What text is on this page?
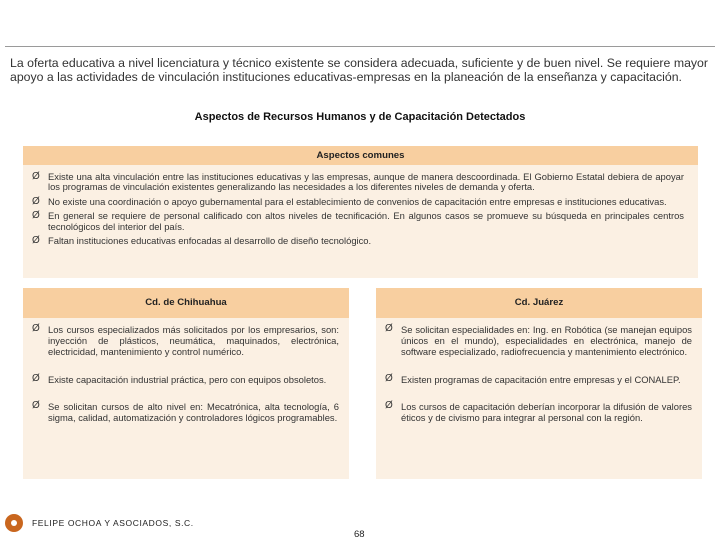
La oferta educativa a nivel licenciatura y técnico existente se considera adecuada, suficiente y de buen nivel. Se requiere mayor apoyo a las actividades de vinculación instituciones educativas-empresas en la planeación de la enseñanza y capacitación.

Aspectos de Recursos Humanos y de Capacitación Detectados
Aspectos comunes
Ø Existe una alta vinculación entre las instituciones educativas y las empresas, aunque de manera descoordinada. El Gobierno Estatal debiera de apoyar los programas de vinculación existentes generalizando las necesidades a los diferentes niveles de demanda y oferta.
Ø No existe una coordinación o apoyo gubernamental para el establecimiento de convenios de capacitación entre empresas e instituciones educativas.
Ø En general se requiere de personal calificado con altos niveles de tecnificación. En algunos casos se promueve su búsqueda en principales centros tecnológicos del interior del país.
Ø Faltan instituciones educativas enfocadas al desarrollo de diseño tecnológico.
Cd. de Chihuahua
Ø Los cursos especializados más solicitados por los empresarios, son: inyección de plásticos, neumática, maquinados, electrónica, electricidad, mantenimiento y control numérico.
Ø Existe capacitación industrial práctica, pero con equipos obsoletos.
Ø Se solicitan cursos de alto nivel en: Mecatrónica, alta tecnología, 6 sigma, calidad, automatización y controladores lógicos programables.
Cd. Juárez
Ø Se solicitan especialidades en: Ing. en Robótica (se manejan equipos únicos en el mundo), especialidades en electrónica, manejo de software especializado, radiofrecuencia y mantenimiento electrónico.
Ø Existen programas de capacitación entre empresas y el CONALEP.
Ø Los cursos de capacitación deberían incorporar la difusión de valores éticos y de civismo para integrar al personal con la región.
FELIPE OCHOA Y ASOCIADOS, S.C.
68
